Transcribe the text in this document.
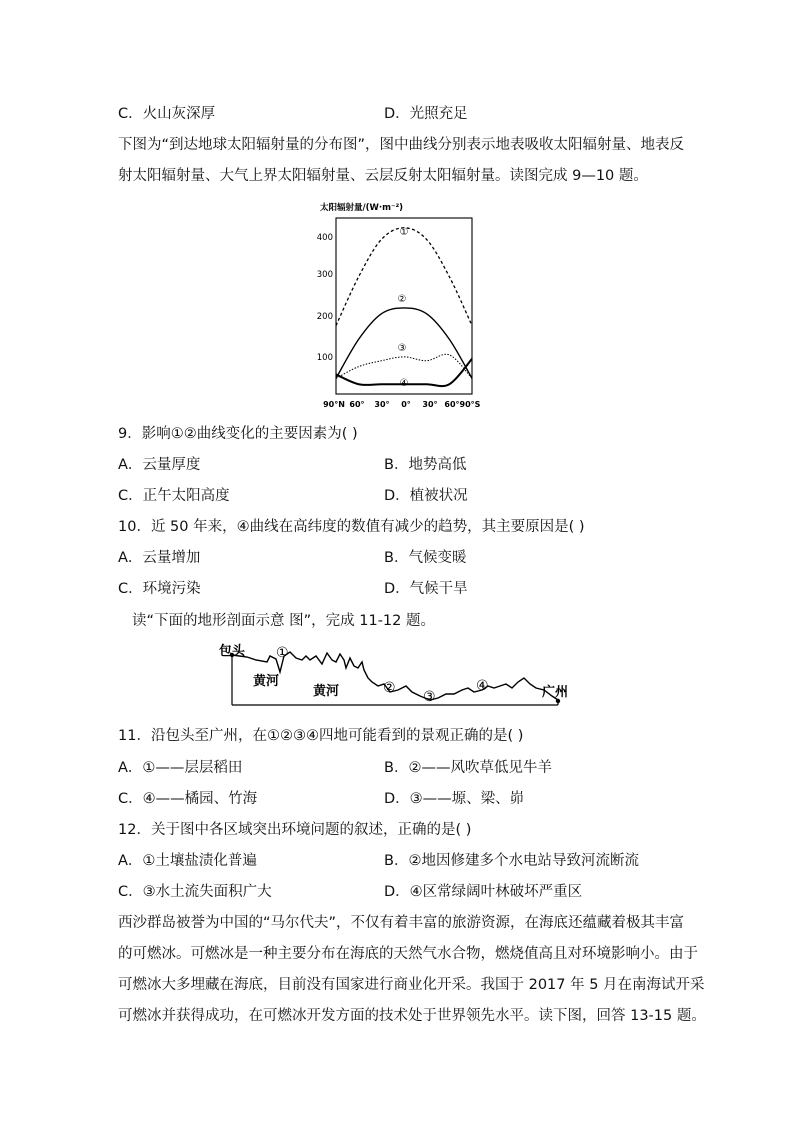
C．火山灰深厚	D．光照充足
下图为“到达地球太阳辐射量的分布图”，图中曲线分别表示地表吸收太阳辐射量、地表反
射太阳辐射量、大气上界太阳辐射量、云层反射太阳辐射量。读图完成 9—10 题。
太阳辐射量/(W·m⁻²)
400
300
200
100
90°N 60° 30° 0° 30° 60° 90°S
①
②
③
④
9．影响①②曲线变化的主要因素为( )
A．云量厚度	B．地势高低
C．正午太阳高度	D．植被状况
10．近 50 年来，④曲线在高纬度的数值有减少的趋势，其主要原因是( )
A．云量增加	B．气候变暖
C．环境污染	D．气候干旱
读“下面的地形剖面示意 图”，完成 11-12 题。
包头
黄河
黄河	广州
①
②
③
④
11．沿包头至广州，在①②③④四地可能看到的景观正确的是( )
A．①——层层稻田	B．②——风吹草低见牛羊
C．④——橘园、竹海	D．③——塬、梁、峁
12．关于图中各区域突出环境问题的叙述，正确的是( )
A．①土壤盐渍化普遍	B．②地因修建多个水电站导致河流断流
C．③水土流失面积广大	D．④区常绿阔叶林破坏严重区
西沙群岛被誉为中国的“马尔代夫”，不仅有着丰富的旅游资源，在海底还蕴藏着极其丰富
的可燃冰。可燃冰是一种主要分布在海底的天然气水合物，燃烧值高且对环境影响小。由于
可燃冰大多埋藏在海底，目前没有国家进行商业化开采。我国于 2017 年 5 月在南海试开采
可燃冰并获得成功，在可燃冰开发方面的技术处于世界领先水平。读下图，回答 13-15 题。
